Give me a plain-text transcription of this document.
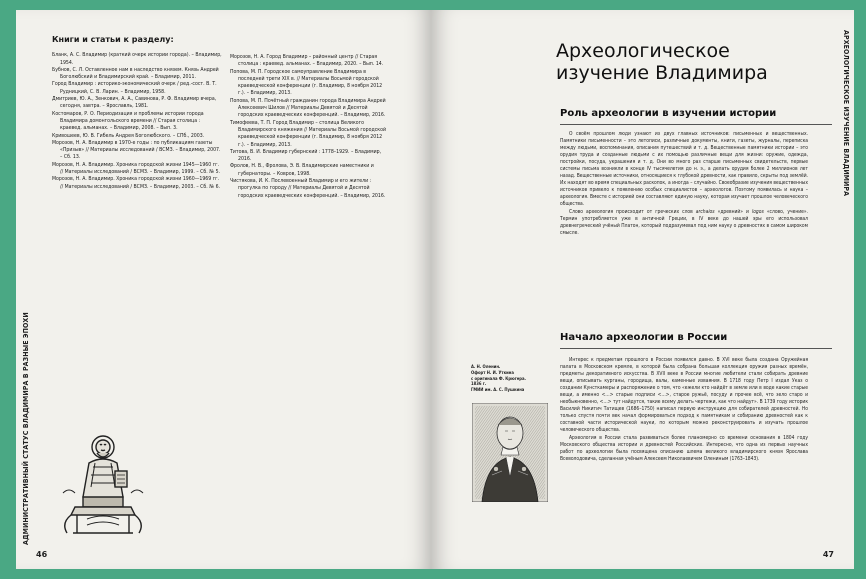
АДМИНИСТРАТИВНЫЙ СТАТУС ВЛАДИМИРА В РАЗНЫЕ ЭПОХИ
Книги и статьи к разделу:

Бланк, А. С. Владимир (краткий очерк истории города). – Владимир, 1954.

Бубнов, С. Л. Оставленное нам в наследство князем. Князь Андрей Боголюбский и Владимирский край. – Владимир, 2011.

Город Владимир : историко-экономический очерк / ред.-сост. В. Т. Рудницкий, С. В. Ларин. – Владимир, 1958.

Дмитриев, Ю. А., Зенкович, А. А., Савинова, Р. Ф. Владимир вчера, сегодня, завтра. – Ярославль, 1981.

Костомаров, Р. О. Периодизация и проблемы истории города Владимира домонгольского времени // Старая столица : краевед. альманах. – Владимир, 2008. – Вып. 3.

Кривошеев, Ю. В. Гибель Андрея Боголюбского. – СПб., 2003.

Морозов, Н. А. Владимир в 1970-е годы : по публикациям газеты «Призыв» // Материалы исследований / ВСМЗ. – Владимир, 2007. – Сб. 13.

Морозов, Н. А. Владимир. Хроника городской жизни 1945—1960 гг. // Материалы исследований / ВСМЗ. – Владимир, 1999. – Сб. № 5.

Морозов, Н. А. Владимир. Хроника городской жизни 1960—1969 гг. // Материалы исследований / ВСМЗ. – Владимир, 2003. – Сб. № 6.

Морозов, Н. А. Город Владимир – районный центр // Старая столица : краевед. альманах. – Владимир, 2020. – Вып. 14.

Попова, М. П. Городское самоуправление Владимира в последней трети XIX в. // Материалы Восьмой городской краеведческой конференции (г. Владимир, 8 ноября 2012 г.). – Владимир, 2013.

Попова, М. П. Почётный гражданин города Владимира Андрей Алексеевич Шилов // Материалы Девятой и Десятой городских краеведческих конференций. – Владимир, 2016.

Тимофеева, Т. П. Город Владимир – столица Великого Владимирского княжения // Материалы Восьмой городской краеведческой конференции (г. Владимир, 8 ноября 2012 г.). – Владимир, 2013.

Титова, В. И. Владимир губернский : 1778–1929. – Владимир, 2016.

Фролов, Н. В., Фролова, Э. В. Владимирские наместники и губернаторы. – Ковров, 1998.

Чистякова, И. К. Послевоенный Владимир и его жители : прогулка по городу // Материалы Девятой и Десятой городских краеведческих конференций. – Владимир, 2016.

46
АРХЕОЛОГИЧЕСКОЕ ИЗУЧЕНИЕ ВЛАДИМИРА
Археологическое
изучение Владимира
Роль археологии в изучении истории

О своём прошлом люди узнают из двух главных источников: письменных и вещественных. Памятники письменности – это летописи, различные документы, книги, газеты, журналы, переписка между людьми, воспоминания, описания путешествий и т. д. Вещественные памятники истории – это орудия труда и созданные людьми с их помощью различные вещи для жизни: оружие, одежда, постройки, посуда, украшения и т. д. Они во много раз старше письменных свидетельств, первые системы письма возникли в конце IV тысячелетия до н. э., а делать орудия более 2 миллионов лет назад. Вещественные источники, относящиеся к глубокой древности, как правило, скрыты под землёй. Их находят во время специальных раскопок, а иногда – случайно. Своеобразие изучения вещественных источников привело к появлению особых специалистов – археологов. Поэтому появилась и наука – археология. Вместе с историей они составляют единую науку, которая изучает прошлое человеческого общества.

Слово археология происходит от греческих слов archaios «древний» и logos «слово, учение». Термин употребляется уже в античной Греции, в IV веке до нашей эры его использовал древнегреческий учёный Платон, который подразумевал под ним науку о древностях в самом широком смысле.

Начало археологии в России

Интерес к предметам прошлого в России появился давно. В XVI веке была создана Оружейная палата в Московском кремле, в которой была собрана большая коллекция оружия разных времён, предметы декоративного искусства. В XVII веке в России многие любители стали собирать древние вещи, описывать курганы, городища, валы, каменные изваяния. В 1718 году Петр I издал Указ о создании Кунсткамеры и распоряжение о том, что «ежели кто найдёт в земле или в воде какие старые вещи, а именно <…> старые подписи <…>, старое ружьё, посуду и прочее всё, что зело старо и необыкновенно, <…> тут найдутся, такие всему делать чертежи, как что найдут». В 1739 году историк Василий Никитич Татищев (1686–1750) написал первую инструкцию для собирателей древностей. Но только спустя почти век начал формироваться подход к памятникам и собиранию древностей как к составной части исторической науки, по которым можно реконструировать и изучать прошлое человеческого общества.

Археология в России стала развиваться более планомерно со времени основания в 1804 году Московского общества истории и древностей Российских. Интересно, что одна из первых научных работ по археологии была посвящена описанию шлема великого владимирского князя Ярослава Всеволодовича, сделанная учёным Алексеем Николаевичем Олениным (1763–1843).

А. Н. Оленин.
Офорт Н. И. Уткина
с оригинала Ф. Крюгера.
1836 г.
ГМИИ им. А. С. Пушкина
47
